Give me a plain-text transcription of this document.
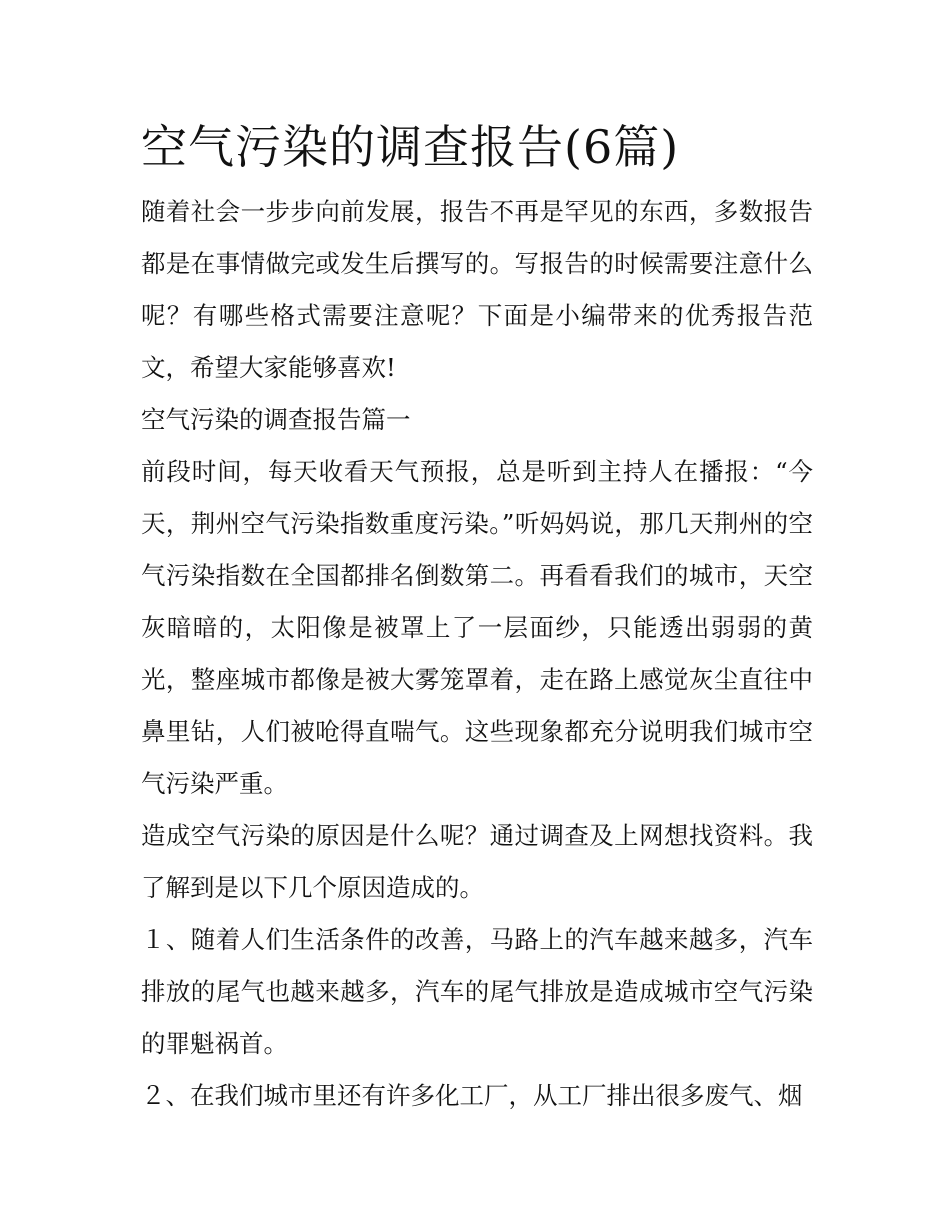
空气污染的调查报告(6篇)

随着社会一步步向前发展，报告不再是罕见的东西，多数报告都是在事情做完或发生后撰写的。写报告的时候需要注意什么呢？有哪些格式需要注意呢？下面是小编带来的优秀报告范文，希望大家能够喜欢!

空气污染的调查报告篇一

前段时间，每天收看天气预报，总是听到主持人在播报：“今天，荆州空气污染指数重度污染。”听妈妈说，那几天荆州的空气污染指数在全国都排名倒数第二。再看看我们的城市，天空灰暗暗的，太阳像是被罩上了一层面纱，只能透出弱弱的黄光，整座城市都像是被大雾笼罩着，走在路上感觉灰尘直往中鼻里钻，人们被呛得直喘气。这些现象都充分说明我们城市空气污染严重。

造成空气污染的原因是什么呢？通过调查及上网想找资料。我了解到是以下几个原因造成的。

１、随着人们生活条件的改善，马路上的汽车越来越多，汽车排放的尾气也越来越多，汽车的尾气排放是造成城市空气污染的罪魁祸首。

２、在我们城市里还有许多化工厂，从工厂排出很多废气、烟
